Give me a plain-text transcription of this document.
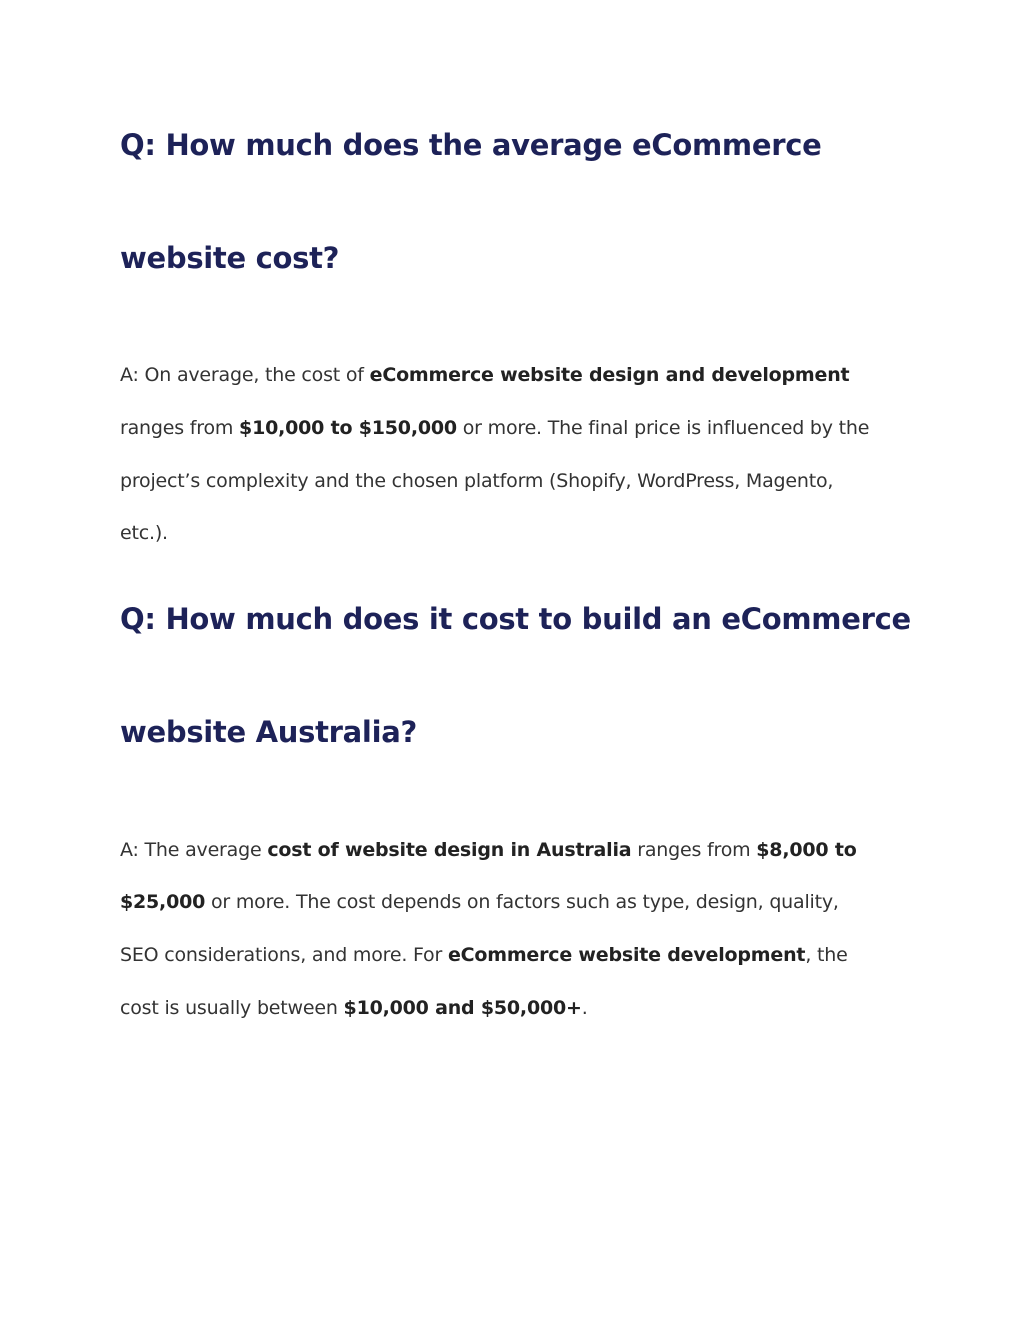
Q: How much does the average eCommerce
website cost?

A: On average, the cost of eCommerce website design and development

ranges from $10,000 to $150,000 or more. The final price is influenced by the

project’s complexity and the chosen platform (Shopify, WordPress, Magento,

etc.).

Q: How much does it cost to build an eCommerce
website Australia?

A: The average cost of website design in Australia ranges from $8,000 to

$25,000 or more. The cost depends on factors such as type, design, quality,

SEO considerations, and more. For eCommerce website development, the

cost is usually between $10,000 and $50,000+.
